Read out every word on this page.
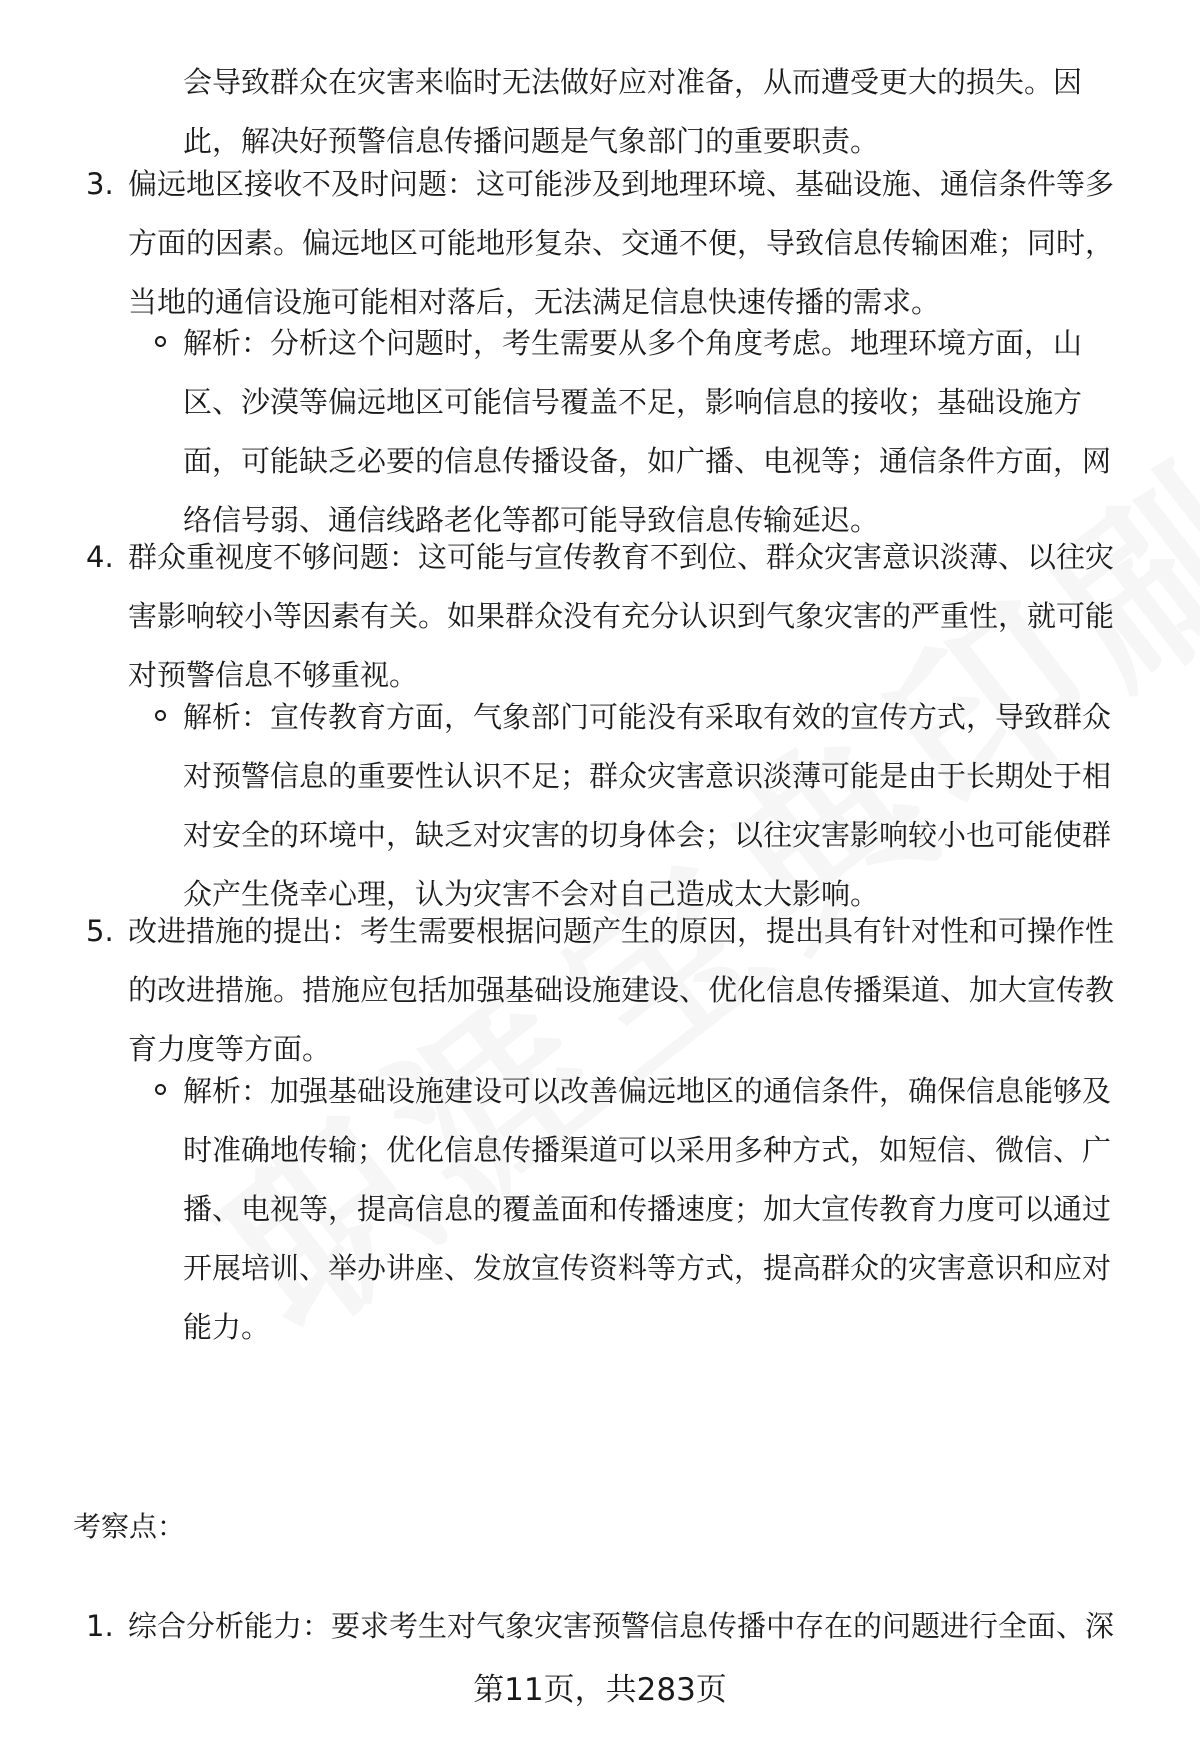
会导致群众在灾害来临时无法做好应对准备，从而遭受更大的损失。因
此，解决好预警信息传播问题是气象部门的重要职责。
3. 偏远地区接收不及时问题：这可能涉及到地理环境、基础设施、通信条件等多
方面的因素。偏远地区可能地形复杂、交通不便，导致信息传输困难；同时，
当地的通信设施可能相对落后，无法满足信息快速传播的需求。
解析：分析这个问题时，考生需要从多个角度考虑。地理环境方面，山
区、沙漠等偏远地区可能信号覆盖不足，影响信息的接收；基础设施方
面，可能缺乏必要的信息传播设备，如广播、电视等；通信条件方面，网
络信号弱、通信线路老化等都可能导致信息传输延迟。
4. 群众重视度不够问题：这可能与宣传教育不到位、群众灾害意识淡薄、以往灾
害影响较小等因素有关。如果群众没有充分认识到气象灾害的严重性，就可能
对预警信息不够重视。
解析：宣传教育方面，气象部门可能没有采取有效的宣传方式，导致群众
对预警信息的重要性认识不足；群众灾害意识淡薄可能是由于长期处于相
对安全的环境中，缺乏对灾害的切身体会；以往灾害影响较小也可能使群
众产生侥幸心理，认为灾害不会对自己造成太大影响。
5. 改进措施的提出：考生需要根据问题产生的原因，提出具有针对性和可操作性
的改进措施。措施应包括加强基础设施建设、优化信息传播渠道、加大宣传教
育力度等方面。
解析：加强基础设施建设可以改善偏远地区的通信条件，确保信息能够及
时准确地传输；优化信息传播渠道可以采用多种方式，如短信、微信、广
播、电视等，提高信息的覆盖面和传播速度；加大宣传教育力度可以通过
开展培训、举办讲座、发放宣传资料等方式，提高群众的灾害意识和应对
能力。
考察点：
1. 综合分析能力：要求考生对气象灾害预警信息传播中存在的问题进行全面、深
第11页，共283页
